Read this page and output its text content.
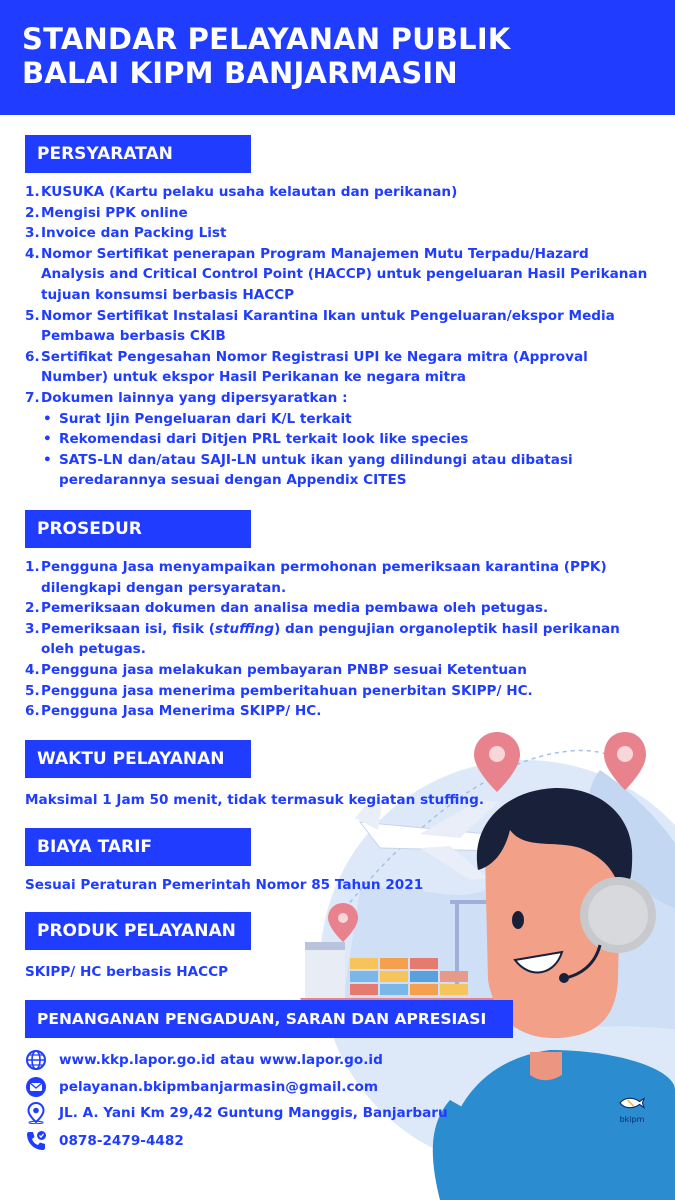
STANDAR PELAYANAN PUBLIK
BALAI KIPM BANJARMASIN
PERSYARATAN
1. KUSUKA (Kartu pelaku usaha kelautan dan perikanan)
2. Mengisi PPK online
3. Invoice dan Packing List
4. Nomor Sertifikat penerapan Program Manajemen Mutu Terpadu/Hazard Analysis and Critical Control Point (HACCP) untuk pengeluaran Hasil Perikanan tujuan konsumsi berbasis HACCP
5. Nomor Sertifikat Instalasi Karantina Ikan untuk Pengeluaran/ekspor Media Pembawa berbasis CKIB
6. Sertifikat Pengesahan Nomor Registrasi UPI ke Negara mitra (Approval Number) untuk ekspor Hasil Perikanan ke negara mitra
7. Dokumen lainnya yang dipersyaratkan :
• Surat Ijin Pengeluaran dari K/L terkait
• Rekomendasi dari Ditjen PRL terkait look like species
• SATS-LN dan/atau SAJI-LN untuk ikan yang dilindungi atau dibatasi peredarannya sesuai dengan Appendix CITES
PROSEDUR
1. Pengguna Jasa menyampaikan permohonan pemeriksaan karantina (PPK) dilengkapi dengan persyaratan.
2. Pemeriksaan dokumen dan analisa media pembawa oleh petugas.
3. Pemeriksaan isi, fisik (stuffing) dan pengujian organoleptik hasil perikanan oleh petugas.
4. Pengguna jasa melakukan pembayaran PNBP sesuai Ketentuan
5. Pengguna jasa menerima pemberitahuan penerbitan SKIPP/ HC.
6. Pengguna Jasa Menerima SKIPP/ HC.
WAKTU PELAYANAN
Maksimal 1 Jam 50 menit, tidak termasuk kegiatan stuffing.
BIAYA TARIF
Sesuai Peraturan Pemerintah Nomor 85 Tahun 2021
PRODUK PELAYANAN
SKIPP/ HC berbasis HACCP
PENANGANAN PENGADUAN, SARAN DAN APRESIASI
www.kkp.lapor.go.id atau www.lapor.go.id
pelayanan.bkipmbanjarmasin@gmail.com
JL. A. Yani Km 29,42 Guntung Manggis, Banjarbaru
0878-2479-4482
bkipm
